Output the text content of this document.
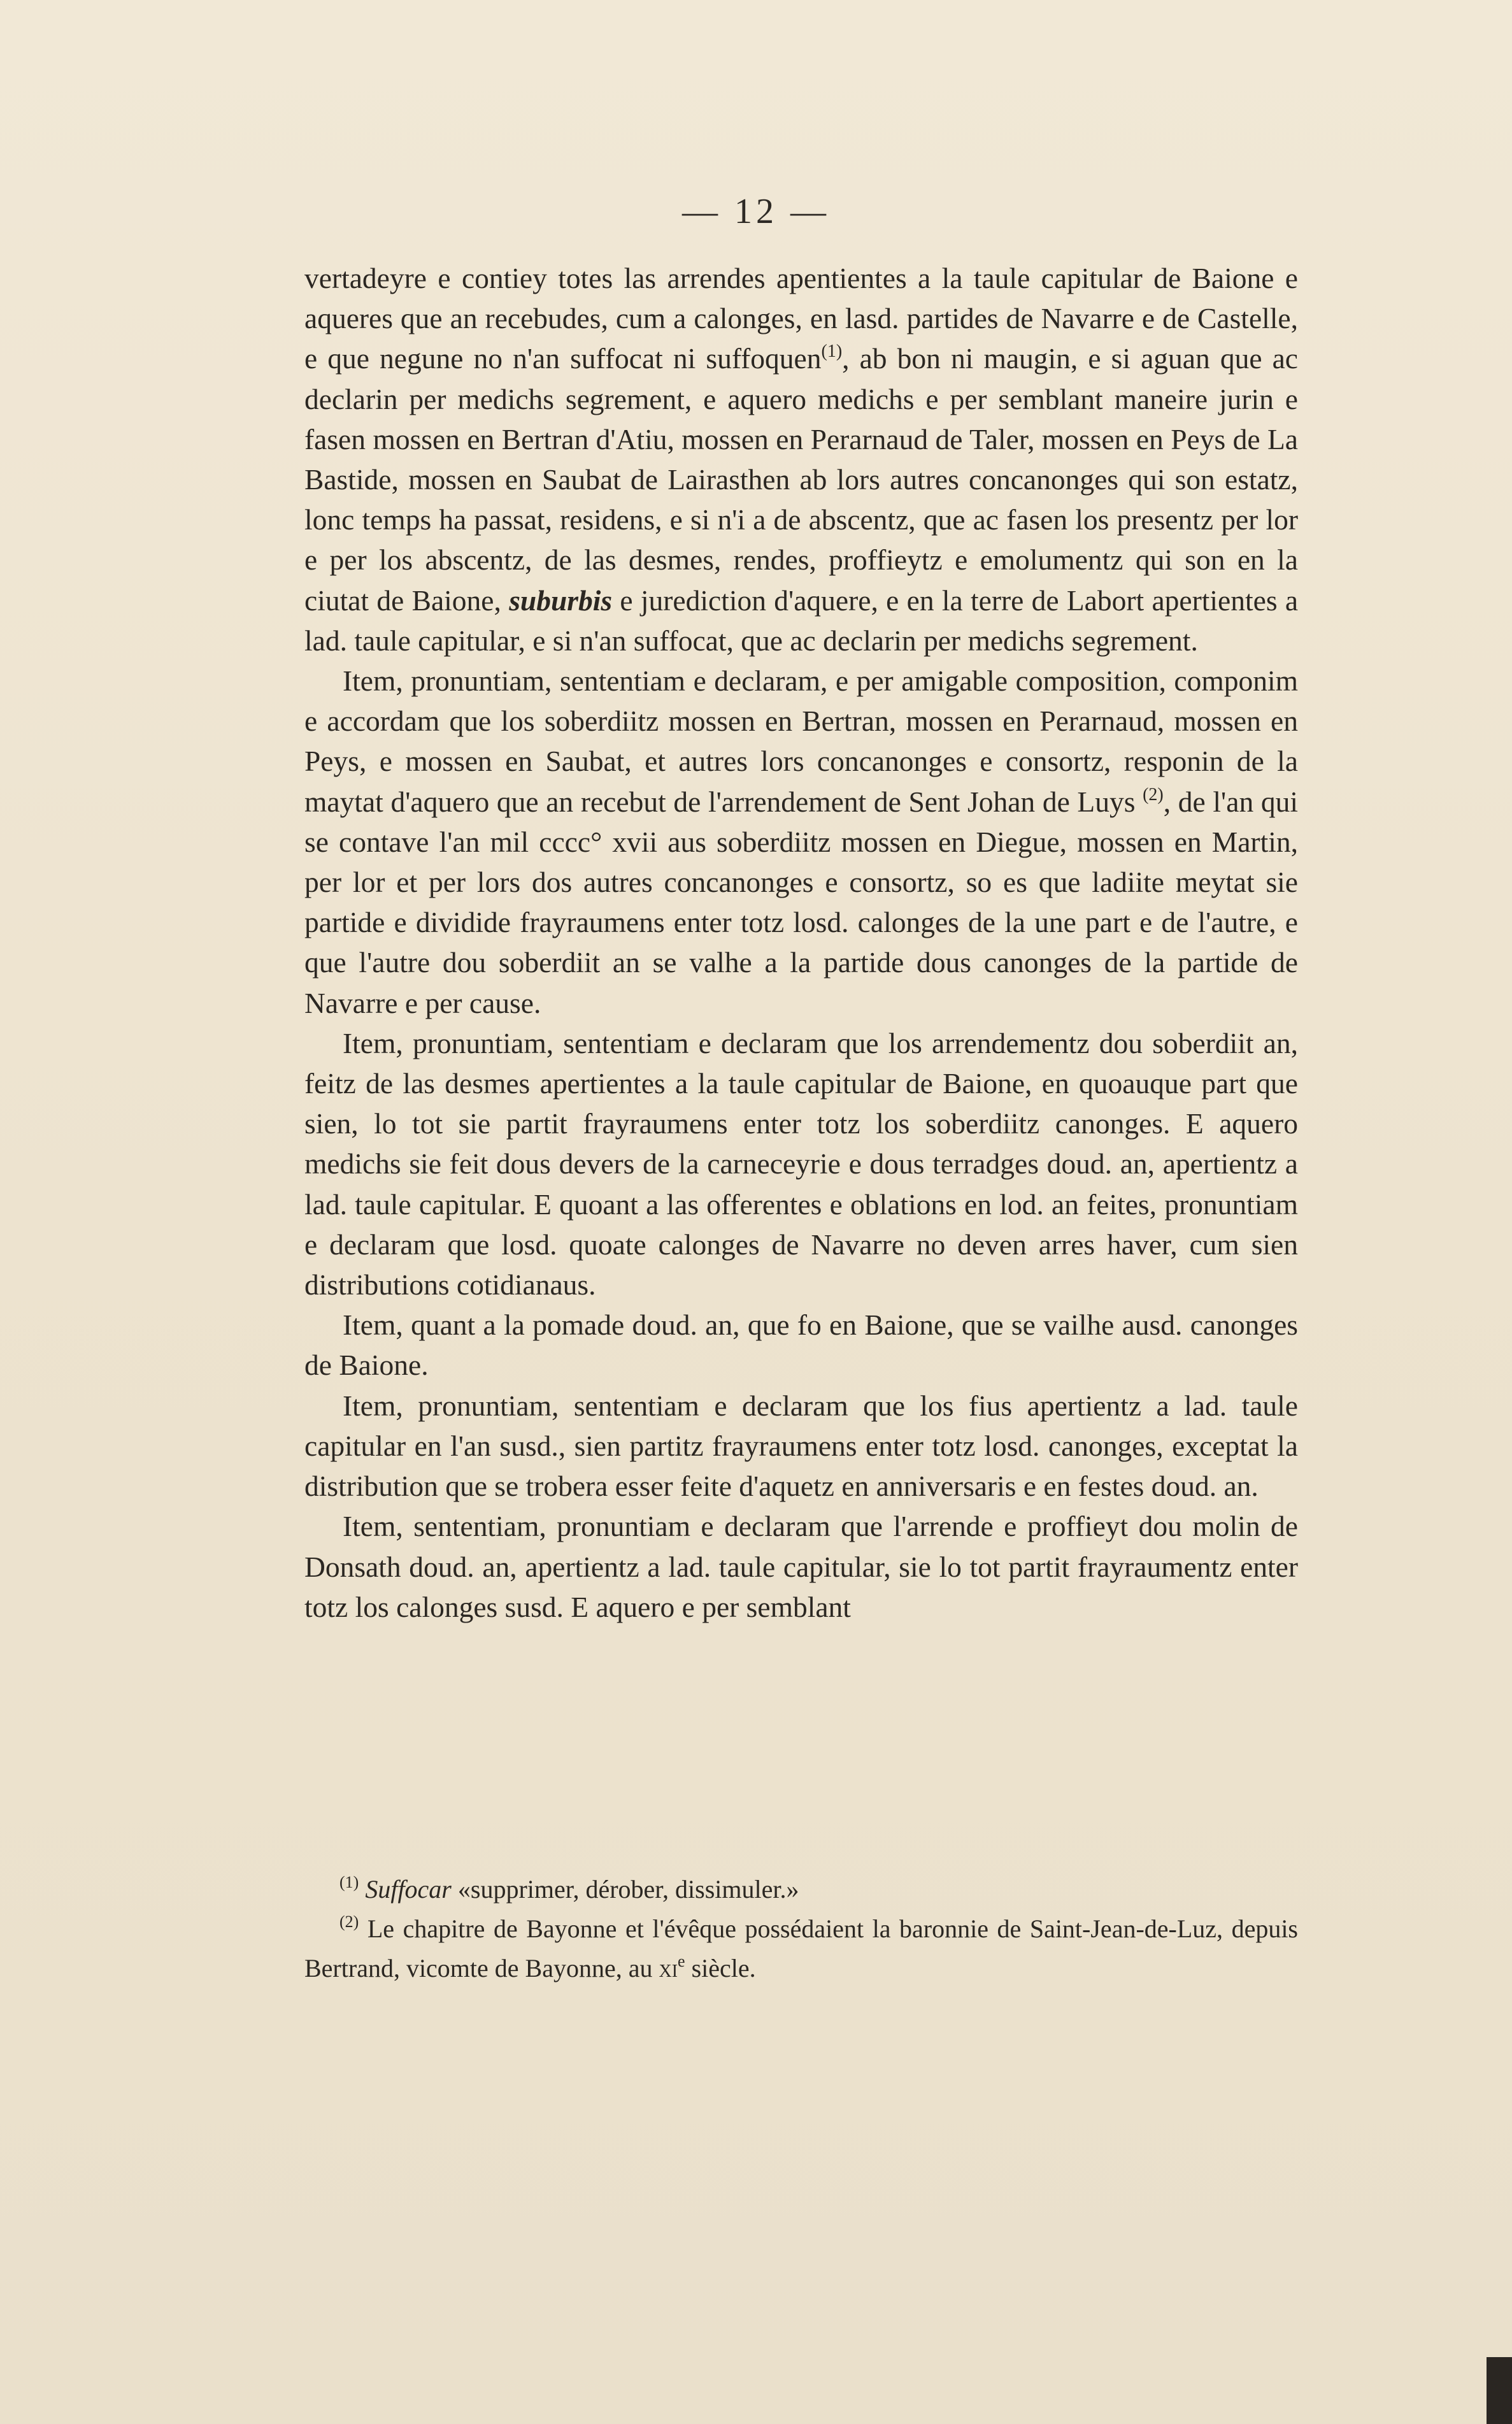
— 12 —

vertadeyre e contiey totes las arrendes apentientes a la taule capitular de Baione e aqueres que an recebudes, cum a calonges, en lasd. partides de Navarre e de Castelle, e que negune no n'an suffocat ni suffoquen$^{(1)}$, ab bon ni maugin, e si aguan que ac declarin per medichs segrement, e aquero medichs e per semblant maneire jurin e fasen mossen en Bertran d'Atiu, mossen en Perarnaud de Taler, mossen en Peys de La Bastide, mossen en Saubat de Lairasthen ab lors autres concanonges qui son estatz, lonc temps ha passat, residens, e si n'i a de abscentz, que ac fasen los presentz per lor e per los abscentz, de las desmes, rendes, proffieytz e emolumentz qui son en la ciutat de Baione, suburbis e jurediction d'aquere, e en la terre de Labort apertientes a lad. taule capitular, e si n'an suffocat, que ac declarin per medichs segrement.

Item, pronuntiam, sententiam e declaram, e per amigable composition, componim e accordam que los soberdiitz mossen en Bertran, mossen en Perarnaud, mossen en Peys, e mossen en Saubat, et autres lors concanonges e consortz, responin de la maytat d'aquero que an recebut de l'arrendement de Sent Johan de Luys $^{(2)}$, de l'an qui se contave l'an mil cccc° xvii aus soberdiitz mossen en Diegue, mossen en Martin, per lor et per lors dos autres concanonges e consortz, so es que ladiite meytat sie partide e dividide frayraumens enter totz losd. calonges de la une part e de l'autre, e que l'autre dou soberdiit an se valhe a la partide dous canonges de la partide de Navarre e per cause.

Item, pronuntiam, sententiam e declaram que los arrendementz dou soberdiit an, feitz de las desmes apertientes a la taule capitular de Baione, en quoauque part que sien, lo tot sie partit frayraumens enter totz los soberdiitz canonges. E aquero medichs sie feit dous devers de la carneceyrie e dous terradges doud. an, apertientz a lad. taule capitular. E quoant a las offerentes e oblations en lod. an feites, pronuntiam e declaram que losd. quoate calonges de Navarre no deven arres haver, cum sien distributions cotidianaus.

Item, quant a la pomade doud. an, que fo en Baione, que se vailhe ausd. canonges de Baione.

Item, pronuntiam, sententiam e declaram que los fius apertientz a lad. taule capitular en l'an susd., sien partitz frayraumens enter totz losd. canonges, exceptat la distribution que se trobera esser feite d'aquetz en anniversaris e en festes doud. an.

Item, sententiam, pronuntiam e declaram que l'arrende e proffieyt dou molin de Donsath doud. an, apertientz a lad. taule capitular, sie lo tot partit frayraumentz enter totz los calonges susd. E aquero e per semblant

$^{(1)}$ Suffocar «supprimer, dérober, dissimuler.»

$^{(2)}$ Le chapitre de Bayonne et l'évêque possédaient la baronnie de Saint-Jean-de-Luz, depuis Bertrand, vicomte de Bayonne, au $xi^e$ siècle.
